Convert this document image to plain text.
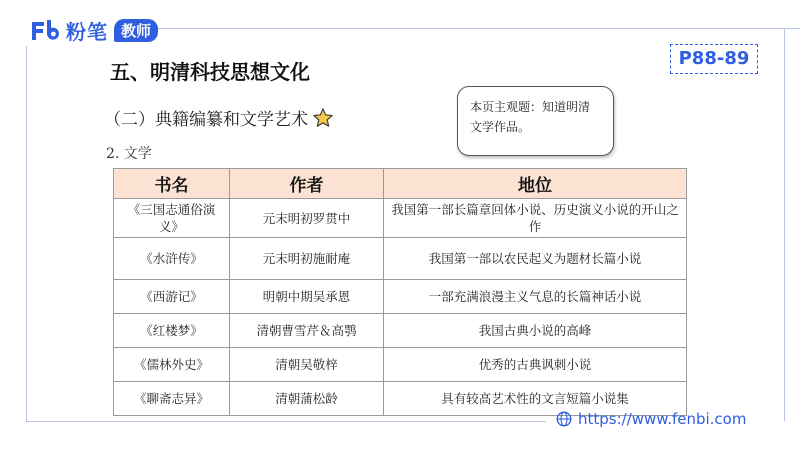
粉笔 教师
P88-89
五、明清科技思想文化
（二）典籍编纂和文学艺术
2. 文学
本页主观题：知道明清文学作品。
书名	作者	地位
《三国志通俗演义》	元末明初罗贯中	我国第一部长篇章回体小说、历史演义小说的开山之作
《水浒传》	元末明初施耐庵	我国第一部以农民起义为题材长篇小说
《西游记》	明朝中期吴承恩	一部充满浪漫主义气息的长篇神话小说
《红楼梦》	清朝曹雪芹＆高鹗	我国古典小说的高峰
《儒林外史》	清朝吴敬梓	优秀的古典讽刺小说
《聊斋志异》	清朝蒲松龄	具有较高艺术性的文言短篇小说集
https://www.fenbi.com
